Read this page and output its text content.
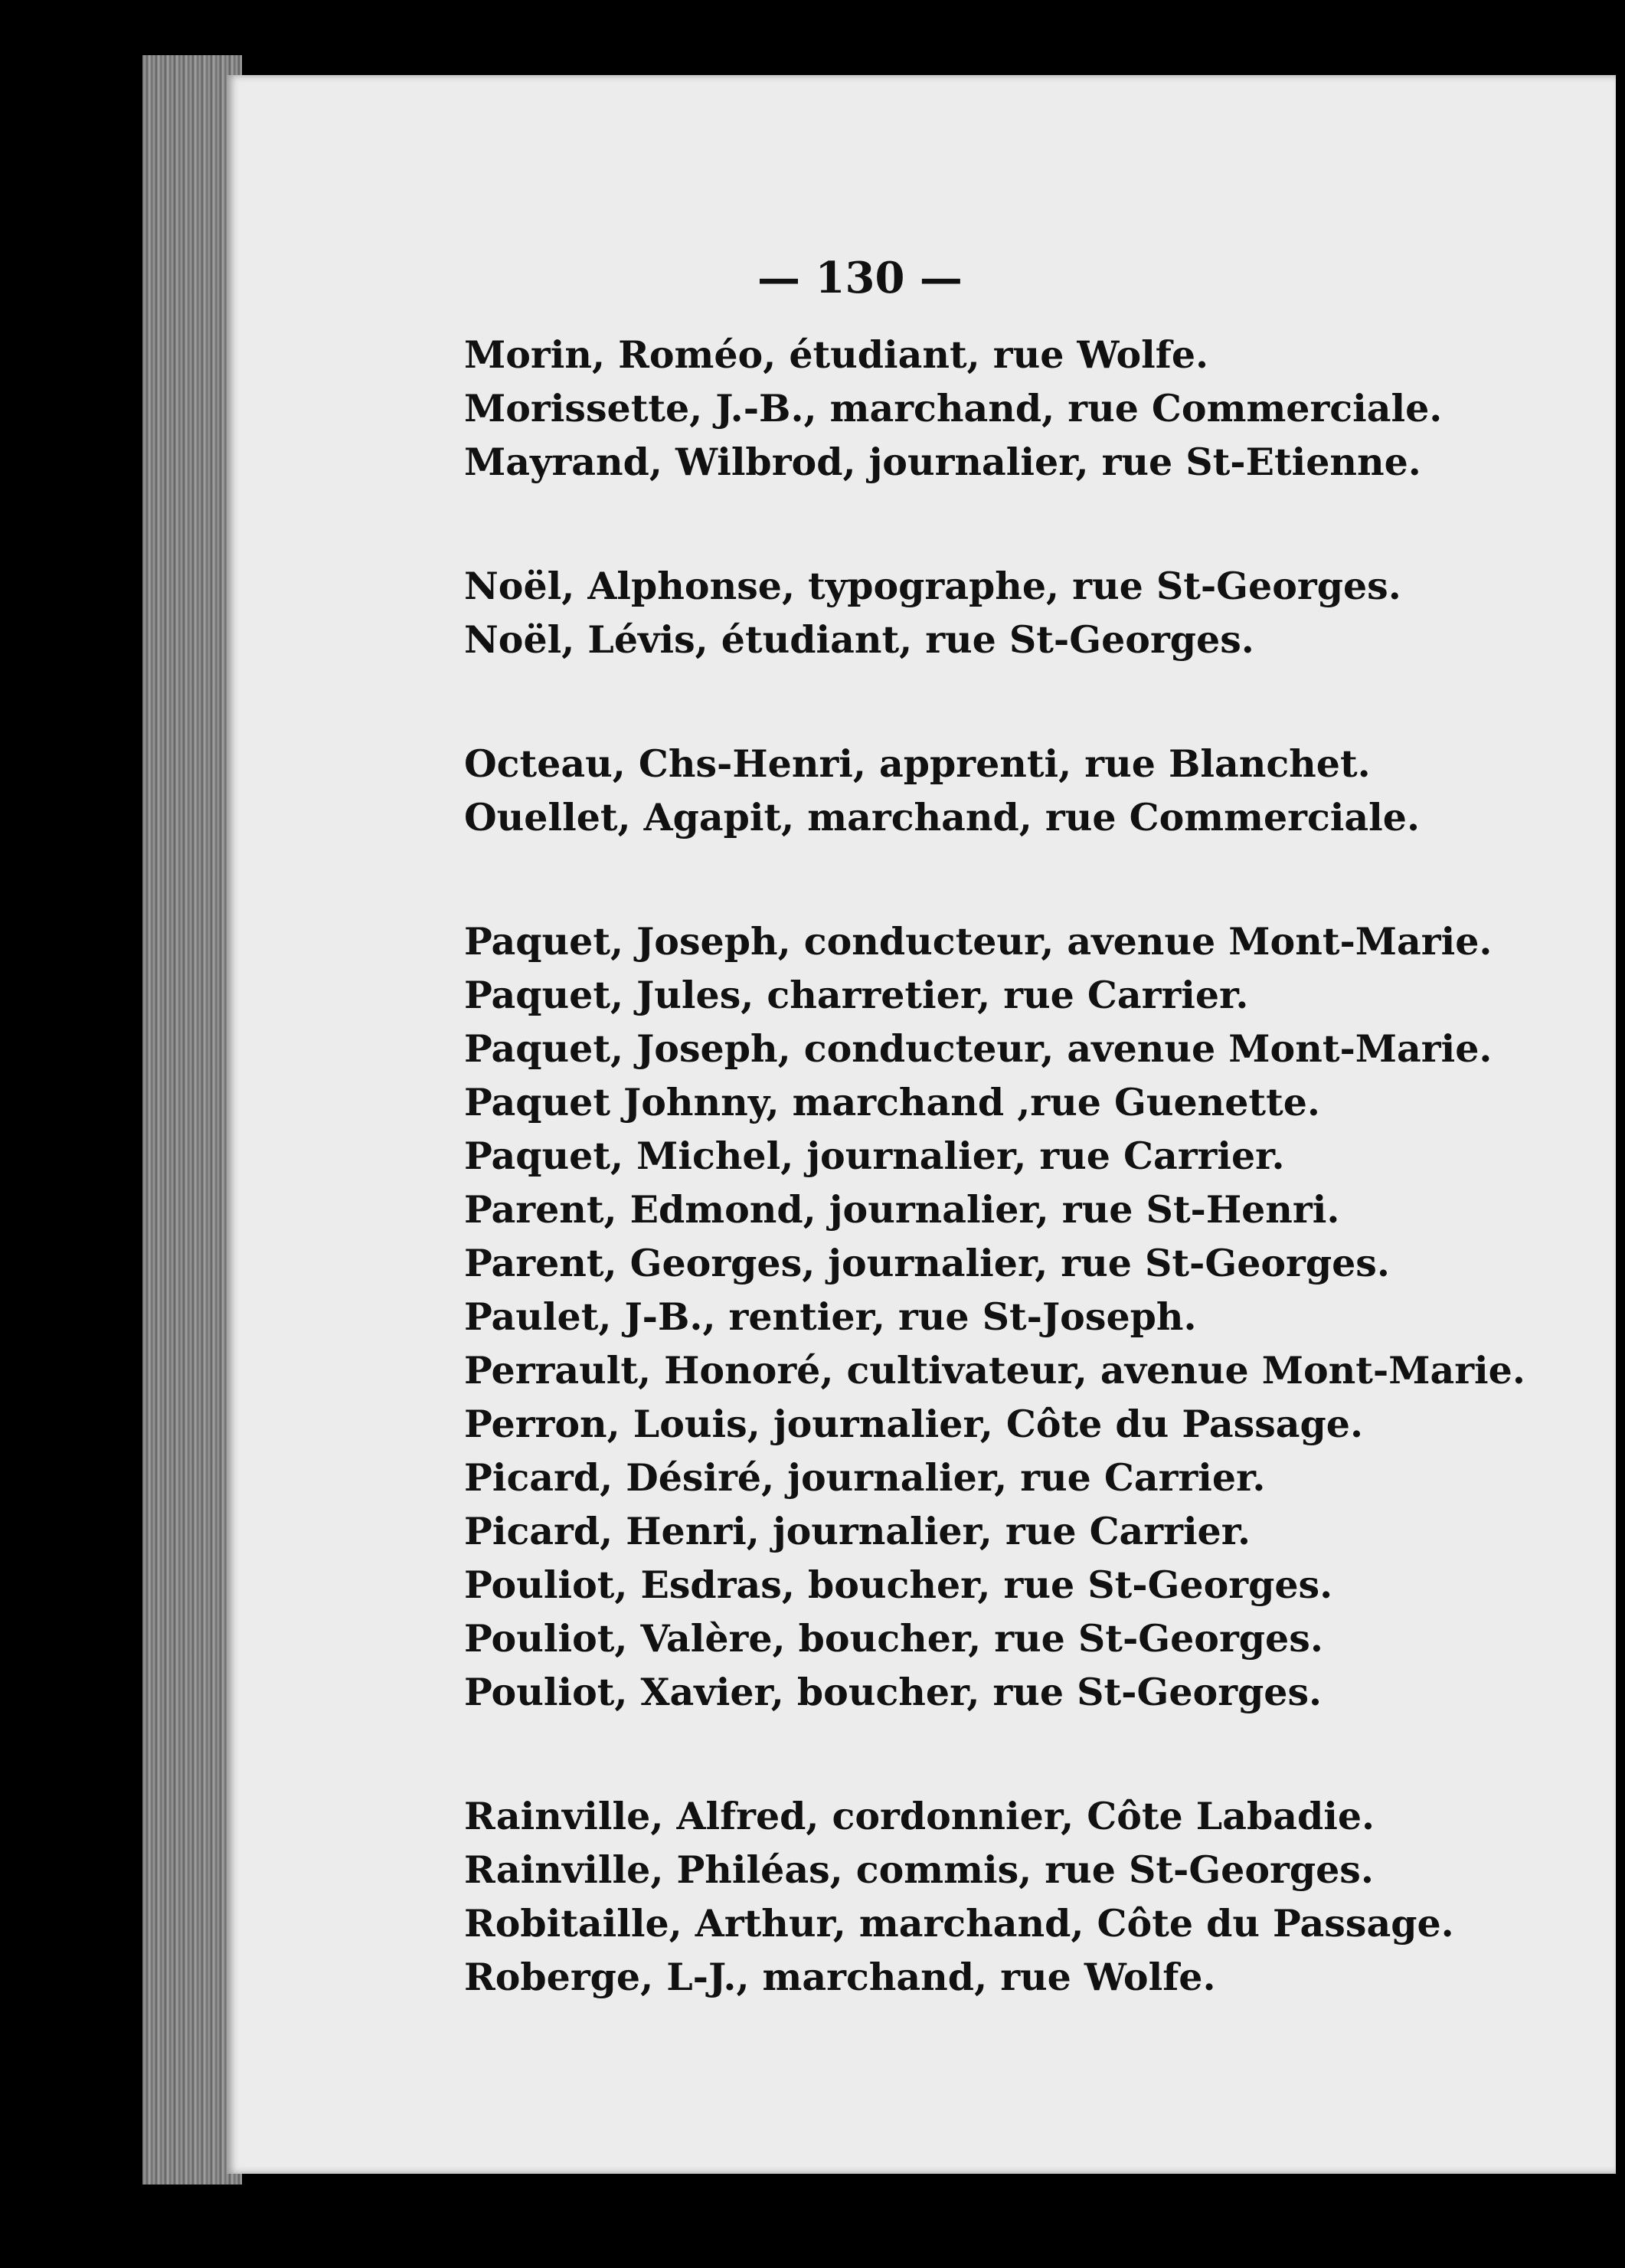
— 130 —
Morin, Roméo, étudiant, rue Wolfe.
Morissette, J.-B., marchand, rue Commerciale.
Mayrand, Wilbrod, journalier, rue St-Etienne.
Noël, Alphonse, typographe, rue St-Georges.
Noël, Lévis, étudiant, rue St-Georges.
Octeau, Chs-Henri, apprenti, rue Blanchet.
Ouellet, Agapit, marchand, rue Commerciale.
Paquet, Joseph, conducteur, avenue Mont-Marie.
Paquet, Jules, charretier, rue Carrier.
Paquet, Joseph, conducteur, avenue Mont-Marie.
Paquet Johnny, marchand ,rue Guenette.
Paquet, Michel, journalier, rue Carrier.
Parent, Edmond, journalier, rue St-Henri.
Parent, Georges, journalier, rue St-Georges.
Paulet, J-B., rentier, rue St-Joseph.
Perrault, Honoré, cultivateur, avenue Mont-Marie.
Perron, Louis, journalier, Côte du Passage.
Picard, Désiré, journalier, rue Carrier.
Picard, Henri, journalier, rue Carrier.
Pouliot, Esdras, boucher, rue St-Georges.
Pouliot, Valère, boucher, rue St-Georges.
Pouliot, Xavier, boucher, rue St-Georges.
Rainville, Alfred, cordonnier, Côte Labadie.
Rainville, Philéas, commis, rue St-Georges.
Robitaille, Arthur, marchand, Côte du Passage.
Roberge, L-J., marchand, rue Wolfe.
